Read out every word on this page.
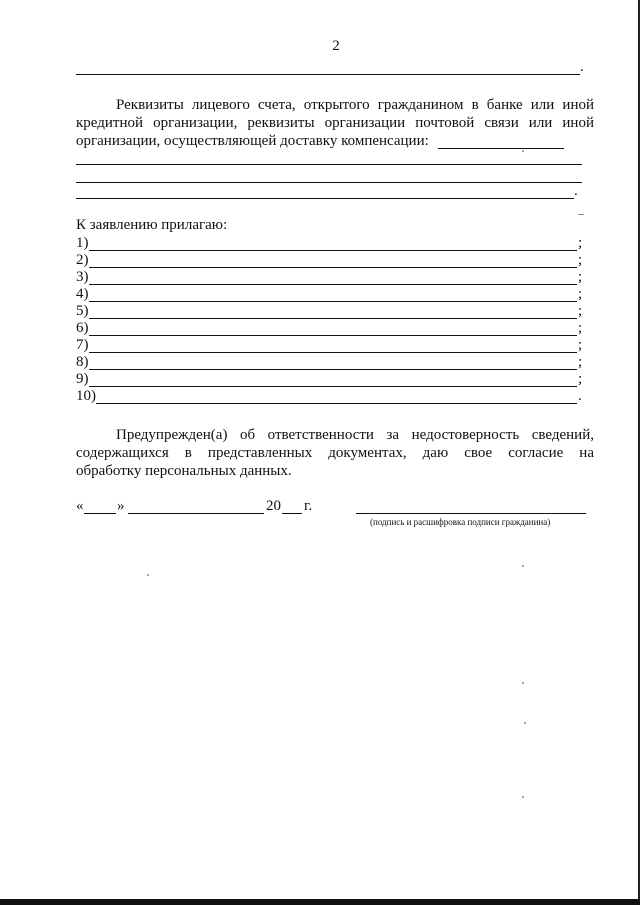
2
.
Реквизиты лицевого счета, открытого гражданином в банке или иной
кредитной организации, реквизиты организации почтовой связи или иной
организации, осуществляющей доставку компенсации:
.
К заявлению прилагаю:
1)	;
2)	;
3)	;
4)	;
5)	;
6)	;
7)	;
8)	;
9)	;
10)	.
Предупрежден(а) об ответственности за недостоверность сведений,
содержащихся в представленных документах, даю свое согласие на
обработку персональных данных.
« »	20 г.
(подпись и расшифровка подписи гражданина)
